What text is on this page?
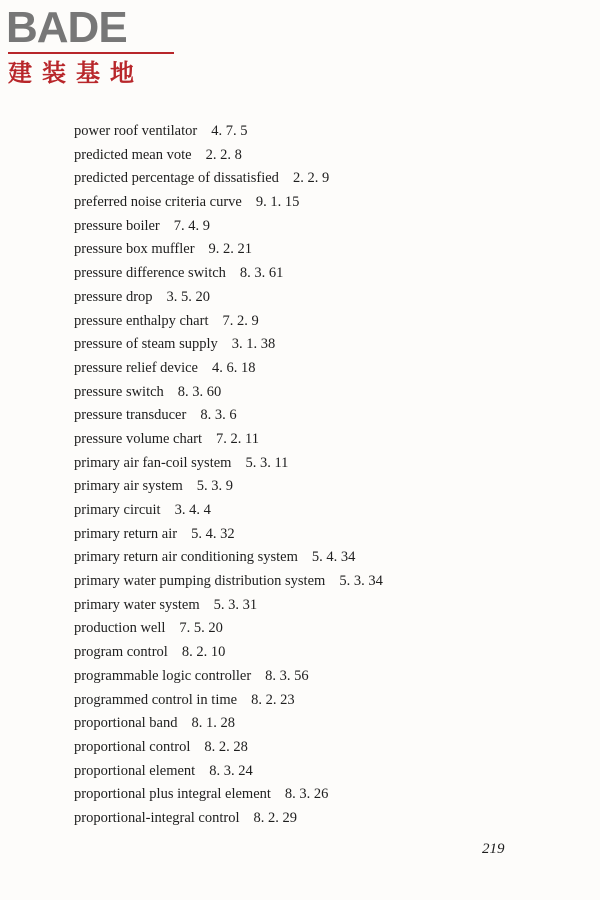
BADE
建装基地
power roof ventilator 4. 7. 5
predicted mean vote 2. 2. 8
predicted percentage of dissatisfied 2. 2. 9
preferred noise criteria curve 9. 1. 15
pressure boiler 7. 4. 9
pressure box muffler 9. 2. 21
pressure difference switch 8. 3. 61
pressure drop 3. 5. 20
pressure enthalpy chart 7. 2. 9
pressure of steam supply 3. 1. 38
pressure relief device 4. 6. 18
pressure switch 8. 3. 60
pressure transducer 8. 3. 6
pressure volume chart 7. 2. 11
primary air fan-coil system 5. 3. 11
primary air system 5. 3. 9
primary circuit 3. 4. 4
primary return air 5. 4. 32
primary return air conditioning system 5. 4. 34
primary water pumping distribution system 5. 3. 34
primary water system 5. 3. 31
production well 7. 5. 20
program control 8. 2. 10
programmable logic controller 8. 3. 56
programmed control in time 8. 2. 23
proportional band 8. 1. 28
proportional control 8. 2. 28
proportional element 8. 3. 24
proportional plus integral element 8. 3. 26
proportional-integral control 8. 2. 29
219
